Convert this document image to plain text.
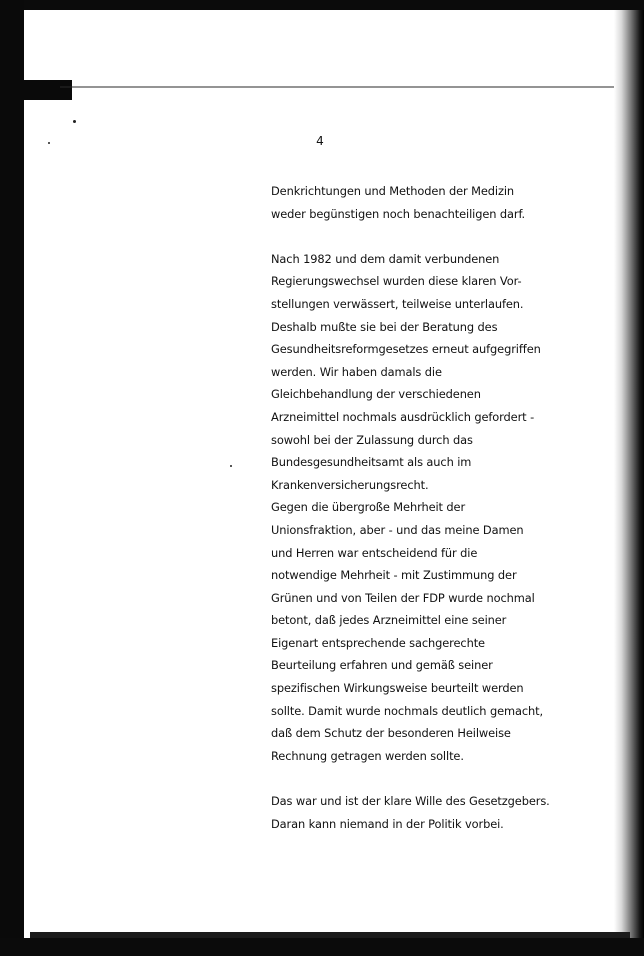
4
Denkrichtungen und Methoden der Medizin
weder begünstigen noch benachteiligen darf.
Nach 1982 und dem damit verbundenen
Regierungswechsel wurden diese klaren Vor-
stellungen verwässert, teilweise unterlaufen.
Deshalb mußte sie bei der Beratung des
Gesundheitsreformgesetzes erneut aufgegriffen
werden. Wir haben damals die
Gleichbehandlung der verschiedenen
Arzneimittel nochmals ausdrücklich gefordert -
sowohl bei der Zulassung durch das
Bundesgesundheitsamt als auch im
Krankenversicherungsrecht.
Gegen die übergroße Mehrheit der
Unionsfraktion, aber - und das meine Damen
und Herren war entscheidend für die
notwendige Mehrheit - mit Zustimmung der
Grünen und von Teilen der FDP wurde nochmal
betont, daß jedes Arzneimittel eine seiner
Eigenart entsprechende sachgerechte
Beurteilung erfahren und gemäß seiner
spezifischen Wirkungsweise beurteilt werden
sollte. Damit wurde nochmals deutlich gemacht,
daß dem Schutz der besonderen Heilweise
Rechnung getragen werden sollte.
Das war und ist der klare Wille des Gesetzgebers.
Daran kann niemand in der Politik vorbei.
